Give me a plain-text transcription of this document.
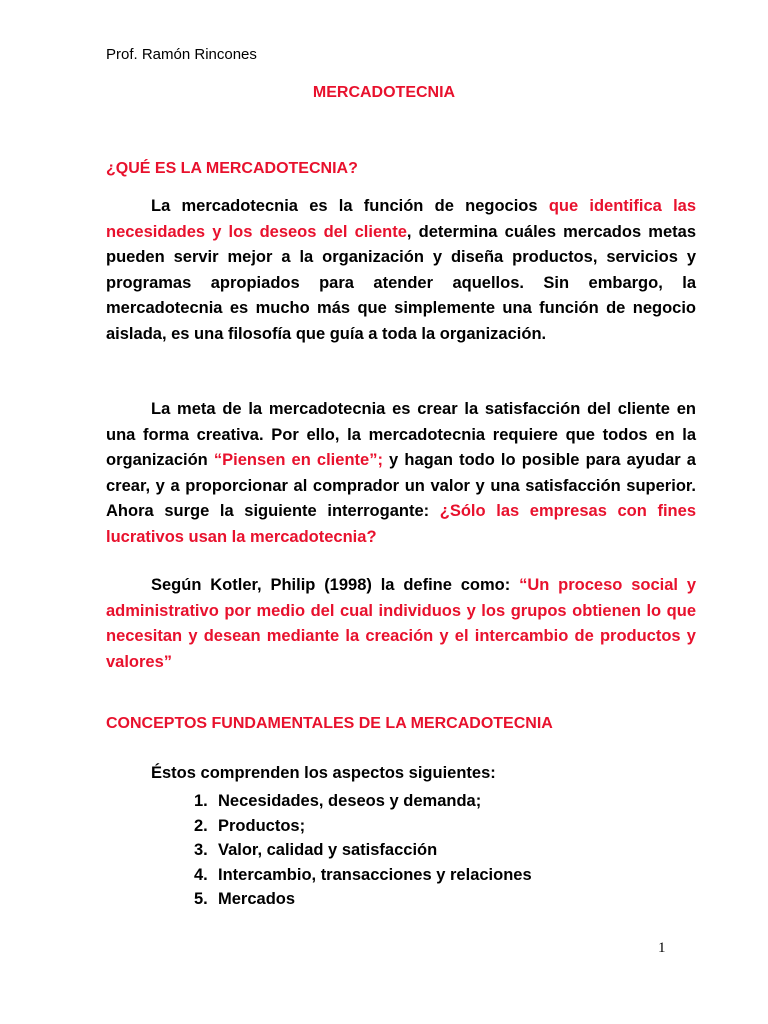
Prof. Ramón Rincones
MERCADOTECNIA
¿QUÉ ES LA MERCADOTECNIA?

La mercadotecnia es la función de negocios que identifica las necesidades y los deseos del cliente, determina cuáles mercados metas pueden servir mejor a la organización y diseña productos, servicios y programas apropiados para atender aquellos. Sin embargo, la mercadotecnia es mucho más que simplemente una función de negocio aislada, es una filosofía que guía a toda la organización.

La meta de la mercadotecnia es crear la satisfacción del cliente en una forma creativa. Por ello, la mercadotecnia requiere que todos en la organización “Piensen en cliente”; y hagan todo lo posible para ayudar a crear, y a proporcionar al comprador un valor y una satisfacción superior. Ahora surge la siguiente interrogante: ¿Sólo las empresas con fines lucrativos usan la mercadotecnia?

Según Kotler, Philip (1998) la define como: “Un proceso social y administrativo por medio del cual individuos y los grupos obtienen lo que necesitan y desean mediante la creación y el intercambio de productos y valores”

CONCEPTOS FUNDAMENTALES DE LA MERCADOTECNIA
Éstos comprenden los aspectos siguientes:
1. Necesidades, deseos y demanda;
2. Productos;
3. Valor, calidad y satisfacción
4. Intercambio, transacciones y relaciones
5. Mercados
1
